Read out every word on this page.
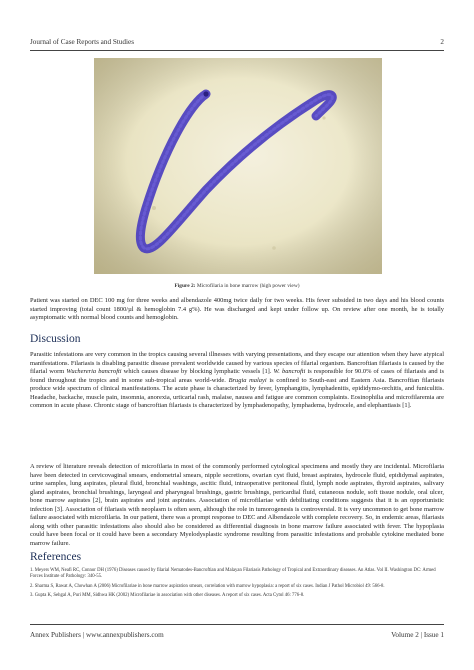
Journal of Case Reports and Studies	2
Figure 2: Microfilaria in bone marrow (high power view)

Patient was started on DEC 100 mg for three weeks and albendazole 400mg twice daily for two weeks. His fever subsided in two days and his blood counts started improving (total count 1800/µl & hemoglobin 7.4 g%). He was discharged and kept under follow up. On review after one month, he is totally asymptomatic with normal blood counts and hemoglobin.

Discussion

Parasitic infestations are very common in the tropics causing several illnesses with varying presentations, and they escape our attention when they have atypical manifestations. Filariasis is disabling parasitic disease prevalent worldwide caused by various species of filarial organism. Bancroftian filariasis is caused by the filarial worm Wuchereria bancrofti which causes disease by blocking lymphatic vessels [1]. W. bancrofti is responsible for 90.0% of cases of filariasis and is found throughout the tropics and in some sub-tropical areas world-wide. Brugia malayi is confined to South-east and Eastern Asia. Bancroftian filariasis produce wide spectrum of clinical manifestations. The acute phase is characterized by fever, lymphangitis, lymphadenitis, epididymo-orchitis, and funiculitis. Headache, backache, muscle pain, insomnia, anorexia, urticarial rash, malaise, nausea and fatigue are common complaints. Eosinophilia and microfilaremia are common in acute phase. Chronic stage of bancroftian filariasis is characterized by lymphadenopathy, lymphadema, hydrocele, and elephantiasis [1].

A review of literature reveals detection of microfilaria in most of the commonly performed cytological specimens and mostly they are incidental. Microfilaria have been detected in cervicovaginal smears, endometrial smears, nipple secretions, ovarian cyst fluid, breast aspirates, hydrocele fluid, epididymal aspirates, urine samples, lung aspirates, pleural fluid, bronchial washings, ascitic fluid, intraoperative peritoneal fluid, lymph node aspirates, thyroid aspirates, salivary gland aspirates, bronchial brushings, laryngeal and pharyngeal brushings, gastric brushings, pericardial fluid, cutaneous nodule, soft tissue nodule, oral ulcer, bone marrow aspirates [2], brain aspirates and joint aspirates. Association of microfilariae with debilitating conditions suggests that it is an opportunistic infection [3]. Association of filariasis with neoplasm is often seen, although the role in tumorogenesis is controversial. It is very uncommon to get bone marrow failure associated with microfilaria. In our patient, there was a prompt response to DEC and Albendazole with complete recovery. So, in endemic areas, filariasis along with other parasitic infestations also should also be considered as differential diagnosis in bone marrow failure associated with fever. The hypoplasia could have been focal or it could have been a secondary Myelodysplastic syndrome resulting from parasitic infestations and probable cytokine mediated bone marrow failure.

References

1. Meyers WM, Neafi RC, Connor DH (1976) Diseases caused by filarial Nematodes-Bancroftian and Malayan Filariasis Pathology of Tropical and Extraordinary diseases. An Atlas. Vol II. Washington DC: Armed Forces Institute of Pathology: 340-55.

2. Sharma S, Rawat A, Chowhan A (2006) Microfilariae in bone marrow aspiration smears, correlation with marrow hypoplasia: a report of six cases. Indian J Pathol Microbiol 49: 566-8.

3. Gupta K, Sehgal A, Puri MM, Sidhwa HK (2002) Microfilariae in association with other diseases. A report of six cases. Acta Cytol 46: 776-8.

Annex Publishers | www.annexpublishers.com	Volume 2 | Issue 1
